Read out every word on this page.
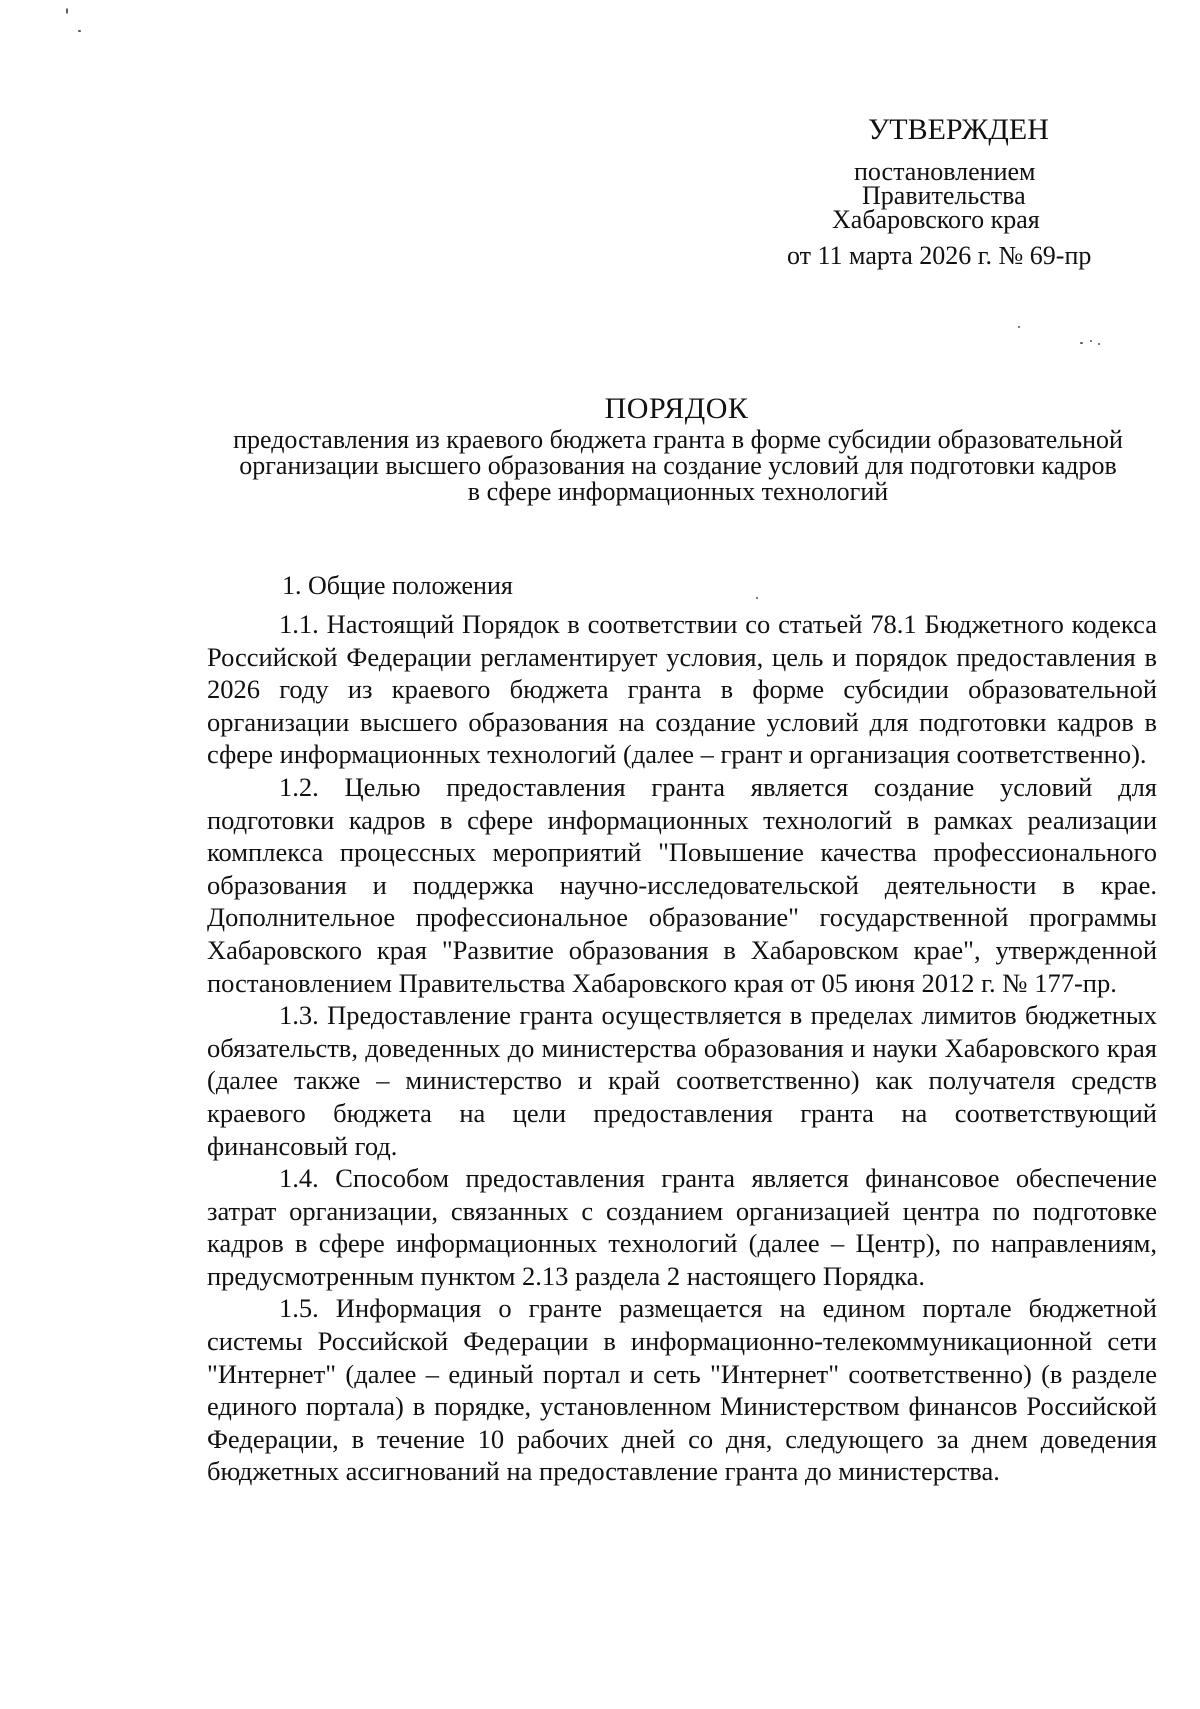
УТВЕРЖДЕН
постановлением
Правительства
Хабаровского края
от 11 марта 2026 г. № 69-пр
ПОРЯДОК
предоставления из краевого бюджета гранта в форме субсидии образовательной организации высшего образования на создание условий для подготовки кадров в сфере информационных технологий
1. Общие положения

1.1. Настоящий Порядок в соответствии со статьей 78.1 Бюджетного кодекса Российской Федерации регламентирует условия, цель и порядок предоставления в 2026 году из краевого бюджета гранта в форме субсидии образовательной организации высшего образования на создание условий для подготовки кадров в сфере информационных технологий (далее – грант и организация соответственно).

1.2. Целью предоставления гранта является создание условий для подготовки кадров в сфере информационных технологий в рамках реализации комплекса процессных мероприятий "Повышение качества профессионального образования и поддержка научно-исследовательской деятельности в крае. Дополнительное профессиональное образование" государственной программы Хабаровского края "Развитие образования в Хабаровском крае", утвержденной постановлением Правительства Хабаровского края от 05 июня 2012 г. № 177-пр.

1.3. Предоставление гранта осуществляется в пределах лимитов бюджетных обязательств, доведенных до министерства образования и науки Хабаровского края (далее также – министерство и край соответственно) как получателя средств краевого бюджета на цели предоставления гранта на соответствующий финансовый год.

1.4. Способом предоставления гранта является финансовое обеспечение затрат организации, связанных с созданием организацией центра по подготовке кадров в сфере информационных технологий (далее – Центр), по направлениям, предусмотренным пунктом 2.13 раздела 2 настоящего Порядка.

1.5. Информация о гранте размещается на едином портале бюджетной системы Российской Федерации в информационно-телекоммуникационной сети "Интернет" (далее – единый портал и сеть "Интернет" соответственно) (в разделе единого портала) в порядке, установленном Министерством финансов Российской Федерации, в течение 10 рабочих дней со дня, следующего за днем доведения бюджетных ассигнований на предоставление гранта до министерства.
